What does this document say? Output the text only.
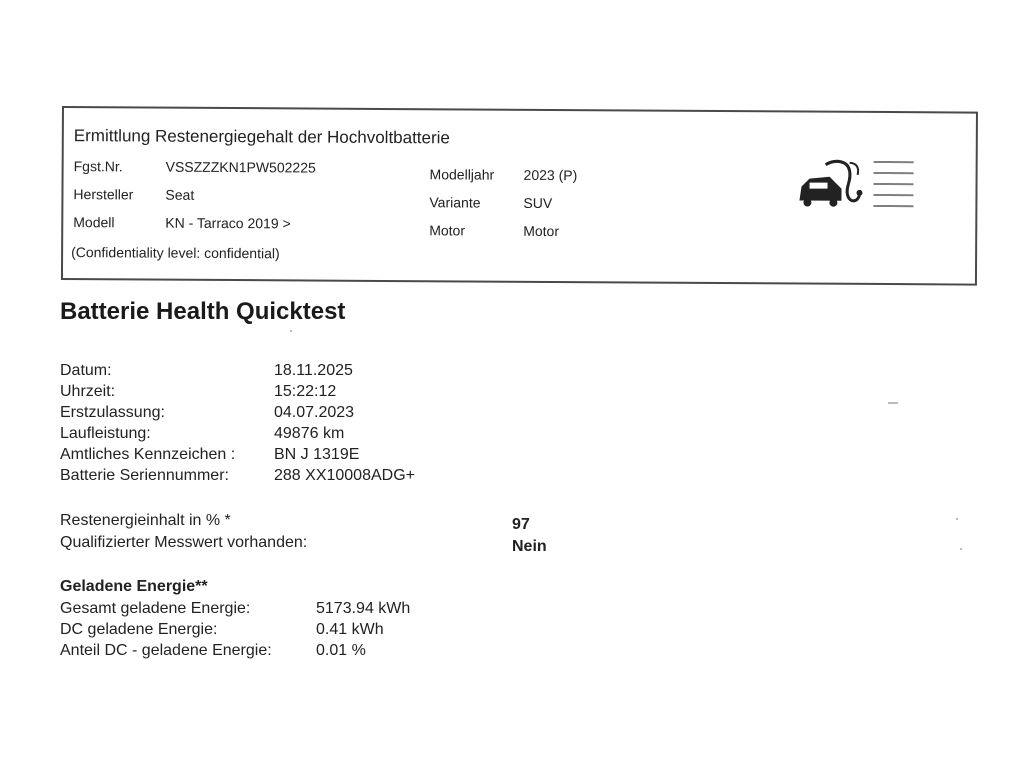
Ermittlung Restenergiegehalt der Hochvoltbatterie
Fgst.Nr.	VSSZZZKN1PW502225
Hersteller Seat
Modell	KN - Tarraco 2019 >
Modelljahr 2023 (P)
Variante	SUV
Motor	Motor
(Confidentiality level: confidential)
Batterie Health Quicktest
Datum:	18.11.2025
Uhrzeit:	15:22:12
Erstzulassung:	04.07.2023
Laufleistung:	49876 km
Amtliches Kennzeichen : BN J 1319E
Batterie Seriennummer:	288 XX10008ADG+
Restenergieinhalt in % *	97
Qualifizierter Messwert vorhanden:	Nein
Geladene Energie**
Gesamt geladene Energie:	5173.94 kWh
DC geladene Energie:	0.41 kWh
Anteil DC - geladene Energie:	0.01 %
